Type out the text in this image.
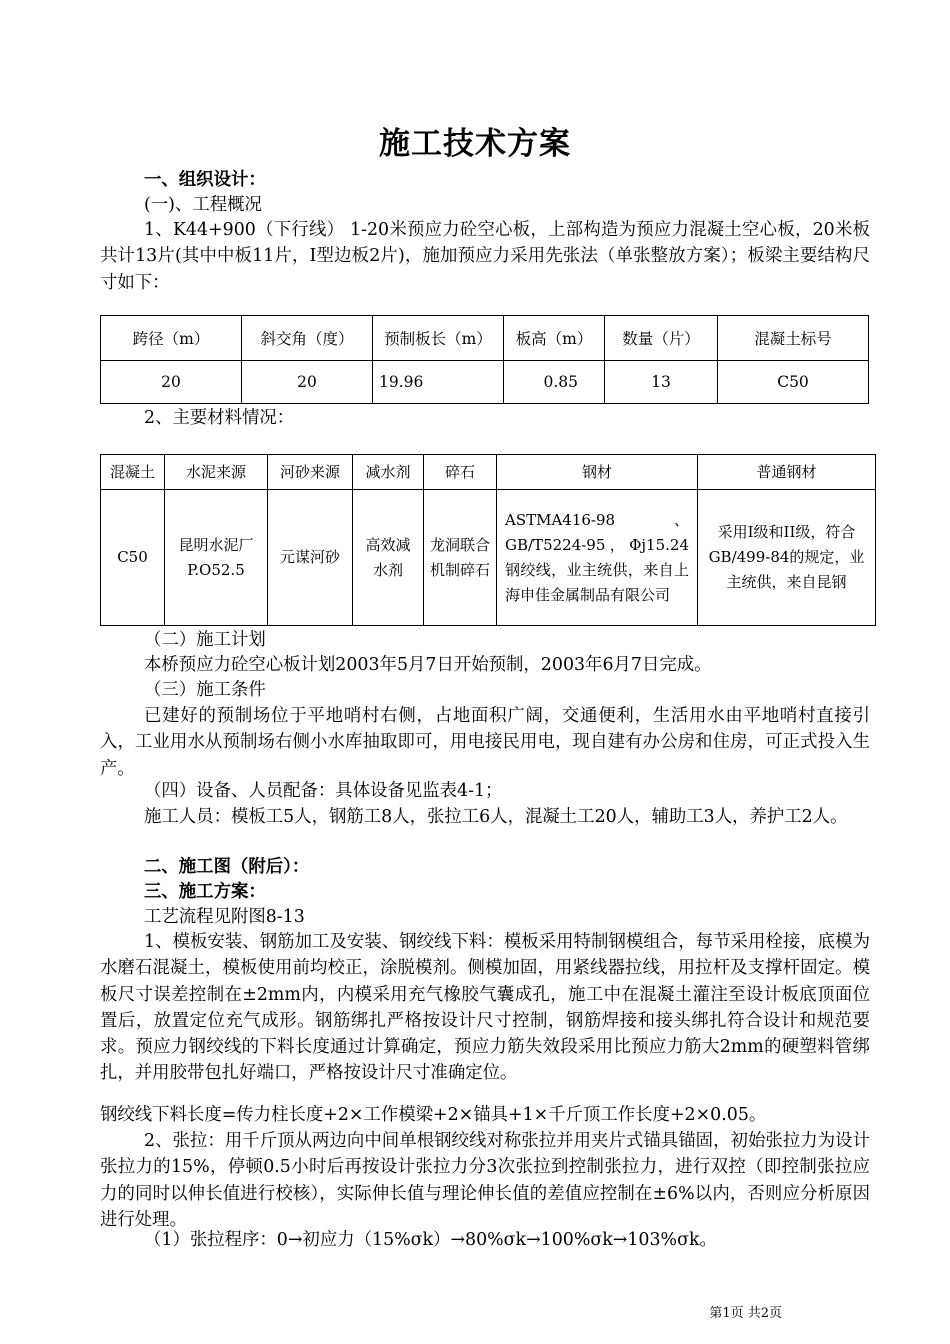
施工技术方案
一、组织设计：
(一)、工程概况
1、K44+900（下行线） 1-20米预应力砼空心板，上部构造为预应力混凝土空心板，20米板共计13片(其中中板11片，I型边板2片)，施加预应力采用先张法（单张整放方案）；板梁主要结构尺寸如下：
跨径（m）	斜交角（度）	预制板长（m）	板高（m）	数量（片）	混凝土标号
20	20	19.96	0.85	13	C50
2、主要材料情况：
混凝土	水泥来源	河砂来源	减水剂	碎石	钢材	普通钢材
C50	昆明水泥厂P.O52.5	元谋河砂	高效减水剂	龙洞联合机制碎石	ASTMA416-98、GB/T5224-95，Φj15.24钢绞线，业主统供，来自上海申佳金属制品有限公司	采用I级和II级，符合GB/499-84的规定，业主统供，来自昆钢
（二）施工计划
本桥预应力砼空心板计划2003年5月7日开始预制，2003年6月7日完成。
（三）施工条件
已建好的预制场位于平地哨村右侧，占地面积广阔，交通便利，生活用水由平地哨村直接引入，工业用水从预制场右侧小水库抽取即可，用电接民用电，现自建有办公房和住房，可正式投入生产。
（四）设备、人员配备：具体设备见监表4-1；
施工人员：模板工5人，钢筋工8人，张拉工6人，混凝土工20人，辅助工3人，养护工2人。
二、施工图（附后）：
三、施工方案：
工艺流程见附图8-13
1、模板安装、钢筋加工及安装、钢绞线下料：模板采用特制钢模组合，每节采用栓接，底模为水磨石混凝土，模板使用前均校正，涂脱模剂。侧模加固，用紧线器拉线，用拉杆及支撑杆固定。模板尺寸误差控制在±2mm内，内模采用充气橡胶气囊成孔，施工中在混凝土灌注至设计板底顶面位置后，放置定位充气成形。钢筋绑扎严格按设计尺寸控制，钢筋焊接和接头绑扎符合设计和规范要求。预应力钢绞线的下料长度通过计算确定，预应力筋失效段采用比预应力筋大2mm的硬塑料管绑扎，并用胶带包扎好端口，严格按设计尺寸准确定位。
钢绞线下料长度=传力柱长度+2×工作模梁+2×锚具+1×千斤顶工作长度+2×0.05。
2、张拉：用千斤顶从两边向中间单根钢绞线对称张拉并用夹片式锚具锚固，初始张拉力为设计张拉力的15%，停顿0.5小时后再按设计张拉力分3次张拉到控制张拉力，进行双控（即控制张拉应力的同时以伸长值进行校核），实际伸长值与理论伸长值的差值应控制在±6%以内，否则应分析原因进行处理。
（1）张拉程序：0→初应力（15%σk）→80%σk→100%σk→103%σk。
第1页 共2页
